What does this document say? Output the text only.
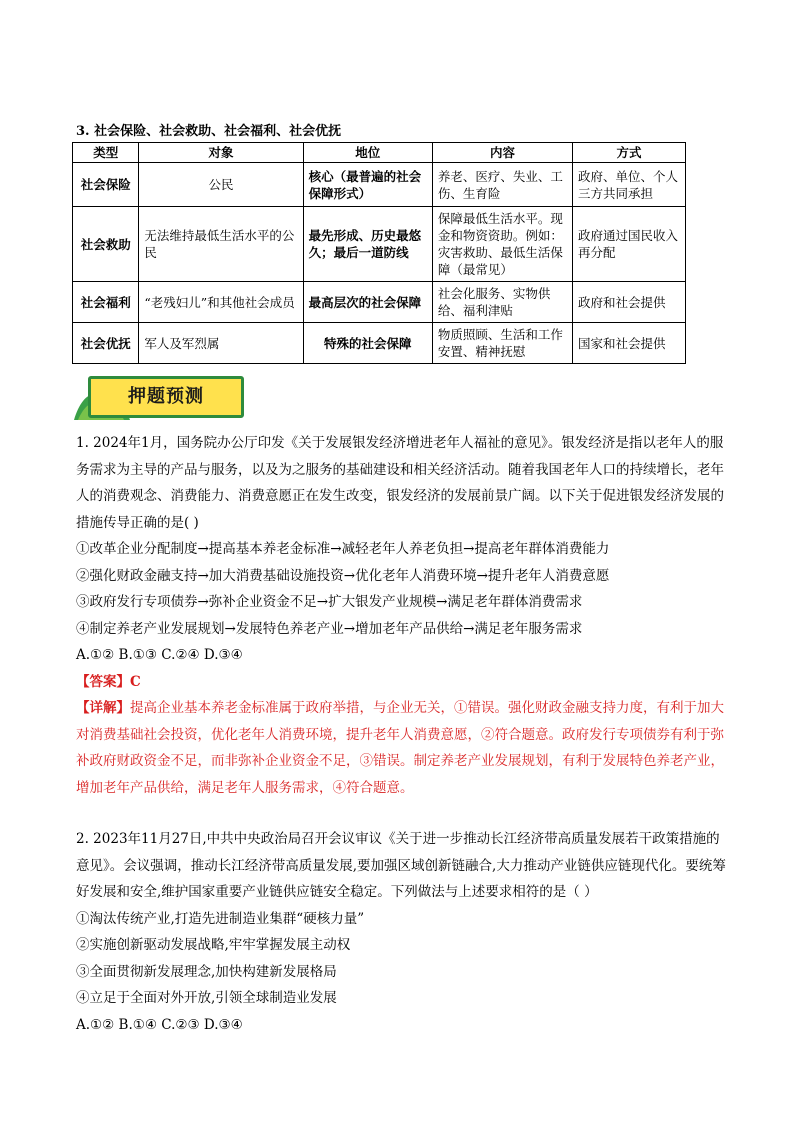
3. 社会保险、社会救助、社会福利、社会优抚
类型	对象	地位	内容	方式
社会保险	公民	核心（最普遍的社会保障形式）	养老、医疗、失业、工伤、生育险	政府、单位、个人三方共同承担
社会救助	无法维持最低生活水平的公民	最先形成、历史最悠久；最后一道防线	保障最低生活水平。现金和物资资助。例如：灾害救助、最低生活保障（最常见）	政府通过国民收入再分配
社会福利	“老残妇儿”和其他社会成员	最高层次的社会保障	社会化服务、实物供给、福利津贴	政府和社会提供
社会优抚	军人及军烈属	特殊的社会保障	物质照顾、生活和工作安置、精神抚慰	国家和社会提供
押题预测

1. 2024年1月，国务院办公厅印发《关于发展银发经济增进老年人福祉的意见》。银发经济是指以老年人的服务需求为主导的产品与服务，以及为之服务的基础建设和相关经济活动。随着我国老年人口的持续增长，老年人的消费观念、消费能力、消费意愿正在发生改变，银发经济的发展前景广阔。以下关于促进银发经济发展的措施传导正确的是( )

①改革企业分配制度→提高基本养老金标准→减轻老年人养老负担→提高老年群体消费能力

②强化财政金融支持→加大消费基础设施投资→优化老年人消费环境→提升老年人消费意愿

③政府发行专项债券→弥补企业资金不足→扩大银发产业规模→满足老年群体消费需求

④制定养老产业发展规划→发展特色养老产业→增加老年产品供给→满足老年服务需求

A.①② B.①③ C.②④ D.③④

【答案】C

【详解】提高企业基本养老金标准属于政府举措，与企业无关，①错误。强化财政金融支持力度，有利于加大对消费基础社会投资，优化老年人消费环境，提升老年人消费意愿，②符合题意。政府发行专项债券有利于弥补政府财政资金不足，而非弥补企业资金不足，③错误。制定养老产业发展规划，有利于发展特色养老产业，增加老年产品供给，满足老年人服务需求，④符合题意。

2. 2023年11月27日,中共中央政治局召开会议审议《关于进一步推动长江经济带高质量发展若干政策措施的意见》。会议强调，推动长江经济带高质量发展,要加强区域创新链融合,大力推动产业链供应链现代化。要统筹好发展和安全,维护国家重要产业链供应链安全稳定。下列做法与上述要求相符的是（ ）

①淘汰传统产业,打造先进制造业集群“硬核力量”

②实施创新驱动发展战略,牢牢掌握发展主动权

③全面贯彻新发展理念,加快构建新发展格局

④立足于全面对外开放,引领全球制造业发展

A.①② B.①④ C.②③ D.③④
